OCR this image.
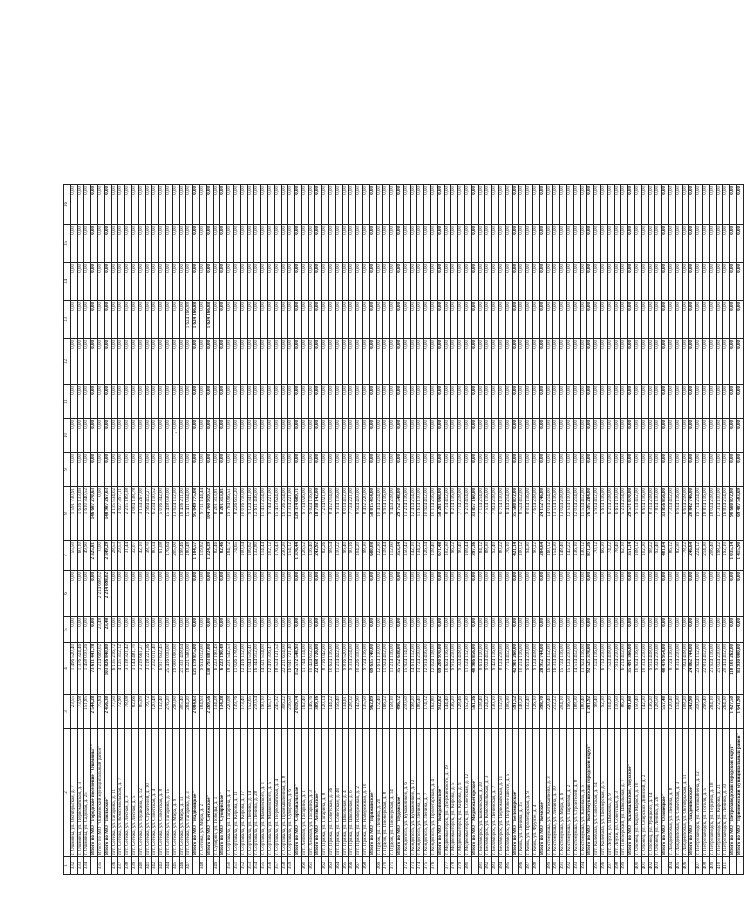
-
1	2	3	4	5	6	7	8	9	10	11	12	13	14	15	16
332	г. Ошмяны, ул. Октябрьская, д. 7	23,55	1 496 520,40	0,00	0,00	55,50	1 591 730,91	0,00	0,00	0,00	0,00	0,00	0,00	0,00	0,00
333	г. Ошмяны, ул. Первомайская, д. 3	73,98	1 376 324,46	0,00	0,00	60,10	1 616 133,69	0,00	0,00	0,00	0,00	0,00	0,00	0,00	0,00
334	г. Ошмяны, ул. Садовая, д. 25	151,85	1 458 010,26	0,00	0,00	49,90	1 610 340,52	0,00	0,00	0,00	0,00	0,00	0,00	0,00	0,00
	Итого по МО "Городское поселение "Ошмяны""	2 544,28	73 611 441,78	0,00	0,00	2 325,81	146 687 270,63	0,00	0,00	0,00	0,00	0,00	0,00	0,00	0,00
335	Итого по МО "Ошмянский муниципальный район"	75,84	3 214 699,02	23,48	2 214 698,02	0,00	0,00	0,00	0,00	0,00	0,00	0,00	0,00	0,00	0,00
	Итого по МО "Пяльское"	2 456,30	103 826 840,80	23,48	2 214 698,02	2 349,29	148 987 267,63	0,00	0,00	0,00	0,00	0,00	0,00	0,00	0,00
336	пгт. Сегежа, ул. Гагарина, д. 11	77,50	6 135 216,72	0,00	0,00	28,53	4 135 534,02	0,00	0,00	0,00	0,00	0,00	0,00	0,00	0,00
337	пгт. Сегежа, ул. Комсомольская, д. 7	72,90	4 125 312,12	0,00	0,00	29,53	3 027 397,11	0,00	0,00	0,00	0,00	0,00	0,00	0,00	0,00
338	пгт. Сегежа, ул. Лесная, д. 3	78,08	3 118 321,42	0,00	0,00	31,44	2 215 189,38	0,00	0,00	0,00	0,00	0,00	0,00	0,00	0,00
339	пгт. Сегежа, ул. Лесная, д. 5	82,66	3 144 481,70	0,00	0,00	32,07	3 004 138,78	0,00	0,00	0,00	0,00	0,00	0,00	0,00	0,00
340	пгт. Сегежа, ул. Пушкина, д. 12	85,09	3 219 661,27	0,00	0,00	42,10	3 134 267,00	0,00	0,00	0,00	0,00	0,00	0,00	0,00	0,00
341	пгт. Сегежа, ул. Строителей, д. 10	79,72	3 118 221,36	0,00	0,00	38,70	2 994 412,27	0,00	0,00	0,00	0,00	0,00	0,00	0,00	0,00
342	пгт. Сегежа, ул. Советская, д. 4	120,48	7 232 011,40	0,00	0,00	80,34	6 234 110,52	0,00	0,00	0,00	0,00	0,00	0,00	0,00	0,00
343	пгт. Сегежа, ул. Советская, д. 8	132,40	6 917 632,45	0,00	0,00	61,08	5 016 342,00	0,00	0,00	0,00	0,00	0,00	0,00	0,00	0,00
344	пгт. Сегежа, ул. Гагарина, д. 15	276,20	25 416 010,00	0,00	0,00	176,64	15 418 030,00	0,00	0,00	0,00	0,00	0,00	0,00	0,00	0,00
345	пгт. Сегежа, ул. Мира, д. 9	290,00	19 000 000,00	0,00	0,00	205,00	13 024 112,00	0,00	0,00	0,00	0,00	0,00	0,00	0,00	0,00
346	пгт. Сегежа, ул. Мира, д. 11	305,40	21 331 418,64	0,00	0,00	198,46	18 436 211,00	0,00	0,00	0,00	0,00	0,00	0,00	0,00	0,00
347	пгт. Сегежа, ул. Гагарина, д. 3	284,20	18 221 560,00	0,00	0,00	180,48	15 411 034,00	0,00	0,00	0,00	0,00	1 624 166,88	0,00	0,00	0,00
	Итого по МО "Надвоицкое"	2 084,63	121 179 875,00	0,00	0,00	1 104,57	95 049 775,08	0,00	0,00	0,00	0,00	1 624 166,88	0,00	0,00	0,00
348	г. Сегежа, ул. Мира, д. 2	184,93	9 614 012,00	0,00	0,00	119,82	9 711 144,44	0,00	0,00	0,00	0,00	0,00	0,00	0,00	0,00
	Итого по МО "Сегежское"	2 269,56	130 793 887,00	0,00	0,00	1 224,39	104 760 919,52	0,00	0,00	0,00	0,00	1 624 166,88	0,00	0,00	0,00
349	г. Суоярви, ул. Победы, д. 1	134,28	6 223 190,49	0,00	0,00	82,46	8 201 313,81	0,00	0,00	0,00	0,00	0,00	0,00	0,00	0,00
	Итого по МО "Суоярвское"	134,28	6 223 190,49	0,00	0,00	82,46	8 201 313,81	0,00	0,00	0,00	0,00	0,00	0,00	0,00	0,00
350	г. Сортавала, ул. Гагарина, д. 3	220,08	18 231 542,53	0,00	0,00	184,72	19 784 096,51	0,00	0,00	0,00	0,00	0,00	0,00	0,00	0,00
351	г. Сортавала, ул. Кирова, д. 11	139,76	11 026 178,60	0,00	0,00	74,65	8 226 612,20	0,00	0,00	0,00	0,00	0,00	0,00	0,00	0,00
352	г. Сортавала, ул. Кирова, д. 17	173,40	12 416 112,00	0,00	0,00	100,34	10 016 710,00	0,00	0,00	0,00	0,00	0,00	0,00	0,00	0,00
353	г. Сортавала, ул. Ленина, д. 14	152,65	11 044 516,41	0,00	0,00	106,62	9 124 341,00	0,00	0,00	0,00	0,00	0,00	0,00	0,00	0,00
354	г. Сортавала, ул. Ленина, д. 28	210,54	16 344 912,00	0,00	0,00	132,80	12 611 436,00	0,00	0,00	0,00	0,00	0,00	0,00	0,00	0,00
355	г. Сортавала, ул. Маяковского, д. 1	190,10	14 321 514,00	0,00	0,00	114,44	11 413 214,00	0,00	0,00	0,00	0,00	0,00	0,00	0,00	0,00
356	г. Сортавала, ул. Маяковского, д. 5	165,17	12 410 316,47	0,00	0,00	102,12	9 744 221,00	0,00	0,00	0,00	0,00	0,00	0,00	0,00	0,00
357	г. Сортавала, ул. Первомайская, д. 4	245,32	18 524 121,52	0,00	0,00	176,43	15 413 624,00	0,00	0,00	0,00	0,00	0,00	0,00	0,00	0,00
358	г. Сортавала, ул. Промышленная, д. 8	306,22	22 211 614,00	0,00	0,00	230,20	19 726 214,00	0,00	0,00	0,00	0,00	0,00	0,00	0,00	0,00
359	г. Сортавала, ул. Суворова, д. 6	216,50	16 041 721,40	0,00	0,00	154,12	13 314 221,00	0,00	0,00	0,00	0,00	0,00	0,00	0,00	0,00
	Итого по МО "Сортавальское"	2 019,74	152 572 548,93	0,00	0,00	1 376,44	129 374 689,71	0,00	0,00	0,00	0,00	0,00	0,00	0,00	0,00
360	пгт. Хелюля, ул. Гагарина, д. 1	162,40	11 744 114,00	0,00	0,00	126,52	9 714 026,00	0,00	0,00	0,00	0,00	0,00	0,00	0,00	0,00
361	пгт. Хелюля, ул. Гагарина, д. 3	146,76	10 424 612,00	0,00	0,00	116,40	9 024 116,00	0,00	0,00	0,00	0,00	0,00	0,00	0,00	0,00
	Итого по МО "Хелюльское"	309,16	22 168 726,00	0,00	0,00	242,92	18 738 142,00	0,00	0,00	0,00	0,00	0,00	0,00	0,00	0,00
362	пгт. Пряжа, ул. Гагарина, д. 8	120,14	8 716 042,00	0,00	0,00	82,26	7 214 021,00	0,00	0,00	0,00	0,00	0,00	0,00	0,00	0,00
363	пгт. Пряжа, ул. Советская, д. 36	144,22	10 624 116,00	0,00	0,00	98,54	8 412 014,00	0,00	0,00	0,00	0,00	0,00	0,00	0,00	0,00
364	пгт. Пряжа, ул. Советская, д. 40	156,40	11 214 422,00	0,00	0,00	110,22	9 314 116,00	0,00	0,00	0,00	0,00	0,00	0,00	0,00	0,00
365	пгт. Пряжа, ул. Школьная, д. 4	134,61	9 816 520,00	0,00	0,00	96,40	8 014 412,00	0,00	0,00	0,00	0,00	0,00	0,00	0,00	0,00
366	пгт. Пряжа, ул. Школьная, д. 6	128,32	9 314 214,00	0,00	0,00	90,16	7 724 221,00	0,00	0,00	0,00	0,00	0,00	0,00	0,00	0,00
367	пгт. Пряжа, ул. Набережная, д. 2	142,90	10 226 310,00	0,00	0,00	104,20	8 924 410,00	0,00	0,00	0,00	0,00	0,00	0,00	0,00	0,00
368	пгт. Пряжа, ул. Набережная, д. 10	135,50	9 724 116,00	0,00	0,00	98,30	8 412 220,00	0,00	0,00	0,00	0,00	0,00	0,00	0,00	0,00
	Итого по МО "Пряжинское"	962,09	69 635 740,00	0,00	0,00	680,08	58 015 414,00	0,00	0,00	0,00	0,00	0,00	0,00	0,00	0,00
369	г. Пудож, ул. Ленина, д. 20	172,40	12 614 110,00	0,00	0,00	122,30	10 414 214,00	0,00	0,00	0,00	0,00	0,00	0,00	0,00	0,00
370	г. Пудож, ул. Пионерская, д. 8	166,22	11 924 412,00	0,00	0,00	118,44	9 914 116,00	0,00	0,00	0,00	0,00	0,00	0,00	0,00	0,00
371	г. Пудож, ул. Пионерская, д. 14	158,10	11 214 116,00	0,00	0,00	112,60	9 424 218,00	0,00	0,00	0,00	0,00	0,00	0,00	0,00	0,00
	Итого по МО "Пудожское"	496,72	35 752 638,00	0,00	0,00	353,34	29 752 548,00	0,00	0,00	0,00	0,00	0,00	0,00	0,00	0,00
372	г. Кондопога, ул. Бумажников, д. 6	210,50	15 924 114,00	0,00	0,00	150,42	13 214 116,00	0,00	0,00	0,00	0,00	0,00	0,00	0,00	0,00
373	г. Кондопога, ул. Бумажников, д. 12	198,20	14 614 112,00	0,00	0,00	142,10	12 414 214,00	0,00	0,00	0,00	0,00	0,00	0,00	0,00	0,00
374	г. Кондопога, ул. Ленина, д. 3	186,40	13 724 210,00	0,00	0,00	134,22	11 614 110,00	0,00	0,00	0,00	0,00	0,00	0,00	0,00	0,00
375	г. Кондопога, ул. Ленина, д. 7	174,12	12 914 416,00	0,00	0,00	126,34	10 924 412,00	0,00	0,00	0,00	0,00	0,00	0,00	0,00	0,00
376	г. Кондопога, ул. Пролетарская, д. 4	162,80	12 024 118,00	0,00	0,00	118,40	10 114 216,00	0,00	0,00	0,00	0,00	0,00	0,00	0,00	0,00
	Итого по МО "Кондопожское"	932,02	69 200 970,00	0,00	0,00	671,48	58 281 068,00	0,00	0,00	0,00	0,00	0,00	0,00	0,00	0,00
377	г. Медвежьегорск, ул. Дзержинского, д. 19	144,40	10 624 116,00	0,00	0,00	102,30	8 714 412,00	0,00	0,00	0,00	0,00	0,00	0,00	0,00	0,00
378	г. Медвежьегорск, ул. Кирова, д. 5	136,20	9 914 210,00	0,00	0,00	96,22	8 214 116,00	0,00	0,00	0,00	0,00	0,00	0,00	0,00	0,00
379	г. Медвежьегорск, ул. Кирова, д. 9	128,46	9 324 418,00	0,00	0,00	90,40	7 714 218,00	0,00	0,00	0,00	0,00	0,00	0,00	0,00	0,00
380	г. Медвежьегорск, ул. Советская, д. 12	152,30	11 124 112,00	0,00	0,00	108,44	9 214 414,00	0,00	0,00	0,00	0,00	0,00	0,00	0,00	0,00
	Итого по МО "Медвежьегорское"	561,36	40 986 856,00	0,00	0,00	397,36	33 857 160,00	0,00	0,00	0,00	0,00	0,00	0,00	0,00	0,00
381	г. Беломорск, ул. Банковская, д. 20	118,40	8 614 110,00	0,00	0,00	84,12	7 114 214,00	0,00	0,00	0,00	0,00	0,00	0,00	0,00	0,00
382	г. Беломорск, ул. Комсомольская, д. 3	124,22	9 024 412,00	0,00	0,00	88,30	7 514 116,00	0,00	0,00	0,00	0,00	0,00	0,00	0,00	0,00
383	г. Беломорск, ул. Ленинская, д. 7	130,10	9 424 116,00	0,00	0,00	92,40	7 824 218,00	0,00	0,00	0,00	0,00	0,00	0,00	0,00	0,00
384	г. Беломорск, ул. Первомайская, д. 11	112,50	8 124 210,00	0,00	0,00	80,22	6 714 110,00	0,00	0,00	0,00	0,00	0,00	0,00	0,00	0,00
385	г. Беломорск, ул. Портовое шоссе, д. 5	106,30	7 714 412,00	0,00	0,00	76,10	6 414 214,00	0,00	0,00	0,00	0,00	0,00	0,00	0,00	0,00
	Итого по МО "Беломорское"	591,52	42 901 260,00	0,00	0,00	421,14	35 580 872,00	0,00	0,00	0,00	0,00	0,00	0,00	0,00	0,00
386	г. Кемь, ул. Ленина, д. 15	140,20	10 214 116,00	0,00	0,00	100,12	8 524 412,00	0,00	0,00	0,00	0,00	0,00	0,00	0,00	0,00
387	г. Кемь, ул. Пролетарская, д. 9	132,40	9 614 210,00	0,00	0,00	94,30	8 014 116,00	0,00	0,00	0,00	0,00	0,00	0,00	0,00	0,00
388	г. Кемь, ул. Фрунзе, д. 4	126,10	9 124 418,00	0,00	0,00	90,22	7 614 218,00	0,00	0,00	0,00	0,00	0,00	0,00	0,00	0,00
	Итого по МО "Кемское"	398,70	28 952 744,00	0,00	0,00	284,64	24 152 746,00	0,00	0,00	0,00	0,00	0,00	0,00	0,00	0,00
389	г. Костомукша, ул. Антикайнена, д. 3	220,40	16 924 112,00	0,00	0,00	160,12	14 014 214,00	0,00	0,00	0,00	0,00	0,00	0,00	0,00	0,00
390	г. Костомукша, ул. Ленина, д. 10	212,22	16 314 412,00	0,00	0,00	154,30	13 514 116,00	0,00	0,00	0,00	0,00	0,00	0,00	0,00	0,00
391	г. Костомукша, ул. Мира, д. 6	204,10	15 724 116,00	0,00	0,00	148,40	13 024 218,00	0,00	0,00	0,00	0,00	0,00	0,00	0,00	0,00
392	г. Костомукша, ул. Парковая, д. 2	196,50	15 124 210,00	0,00	0,00	142,22	12 514 110,00	0,00	0,00	0,00	0,00	0,00	0,00	0,00	0,00
393	г. Костомукша, ул. Строителей, д. 8	188,30	14 514 412,00	0,00	0,00	136,10	12 014 214,00	0,00	0,00	0,00	0,00	0,00	0,00	0,00	0,00
394	г. Костомукша, ул. Калевала, д. 5	180,40	13 924 116,00	0,00	0,00	130,12	11 514 412,00	0,00	0,00	0,00	0,00	0,00	0,00	0,00	0,00
	Итого по МО "Костомукшский городской округ"	1 201,92	92 525 378,00	0,00	0,00	871,26	76 595 284,00	0,00	0,00	0,00	0,00	0,00	0,00	0,00	0,00
395	пгт. Калевала, ул. Советская, д. 14	98,40	7 124 116,00	0,00	0,00	70,12	5 914 412,00	0,00	0,00	0,00	0,00	0,00	0,00	0,00	0,00
396	пгт. Калевала, ул. Пионерская, д. 5	92,30	6 714 210,00	0,00	0,00	66,30	5 614 116,00	0,00	0,00	0,00	0,00	0,00	0,00	0,00	0,00
397	пгт. Лоухи, ул. Шмакова, д. 9	104,20	7 524 418,00	0,00	0,00	74,22	6 214 218,00	0,00	0,00	0,00	0,00	0,00	0,00	0,00	0,00
398	пгт. Лоухи, ул. Советская, д. 3	110,50	7 914 210,00	0,00	0,00	78,40	6 614 110,00	0,00	0,00	0,00	0,00	0,00	0,00	0,00	0,00
399	пгт. Пяозерский, ул. Школьная, д. 7	86,20	6 214 412,00	0,00	0,00	62,10	5 214 214,00	0,00	0,00	0,00	0,00	0,00	0,00	0,00	0,00
	Итого по МО "Калевальское, Лоухское"	491,60	35 491 366,00	0,00	0,00	351,14	29 571 070,00	0,00	0,00	0,00	0,00	0,00	0,00	0,00	0,00
400	г. Олонец, ул. Карла Маркса, д. 10	150,40	10 924 116,00	0,00	0,00	108,12	9 114 412,00	0,00	0,00	0,00	0,00	0,00	0,00	0,00	0,00
401	г. Олонец, ул. Свирских Дивизий, д. 2	142,30	10 314 210,00	0,00	0,00	102,30	8 614 116,00	0,00	0,00	0,00	0,00	0,00	0,00	0,00	0,00
402	г. Олонец, ул. Урицкого, д. 14	136,20	9 914 418,00	0,00	0,00	98,22	8 314 218,00	0,00	0,00	0,00	0,00	0,00	0,00	0,00	0,00
403	г. Олонец, ул. Ленина, д. 26	128,50	9 324 210,00	0,00	0,00	92,40	7 814 110,00	0,00	0,00	0,00	0,00	0,00	0,00	0,00	0,00
	Итого по МО "Олонецкое"	557,40	40 476 954,00	0,00	0,00	401,04	33 856 856,00	0,00	0,00	0,00	0,00	0,00	0,00	0,00	0,00
404	г. Лахденпохья, ул. Ленина, д. 8	120,40	8 724 116,00	0,00	0,00	86,12	7 314 412,00	0,00	0,00	0,00	0,00	0,00	0,00	0,00	0,00
405	г. Лахденпохья, ул. Советская, д. 3	114,30	8 314 210,00	0,00	0,00	82,30	6 914 116,00	0,00	0,00	0,00	0,00	0,00	0,00	0,00	0,00
406	г. Лахденпохья, ул. Октябрьская, д. 11	108,20	7 824 418,00	0,00	0,00	78,22	6 614 218,00	0,00	0,00	0,00	0,00	0,00	0,00	0,00	0,00
	Итого по МО "Лахденпохское"	342,90	24 862 744,00	0,00	0,00	246,64	20 842 746,00	0,00	0,00	0,00	0,00	0,00	0,00	0,00	0,00
407	г. Петрозаводск, ул. Антикайнена, д. 12	310,20	23 924 112,00	0,00	0,00	224,12	19 714 214,00	0,00	0,00	0,00	0,00	0,00	0,00	0,00	0,00
408	г. Петрозаводск, ул. Гоголя, д. 5	296,40	22 814 412,00	0,00	0,00	214,30	18 814 116,00	0,00	0,00	0,00	0,00	0,00	0,00	0,00	0,00
409	г. Петрозаводск, ул. Герцена, д. 18	284,10	21 924 116,00	0,00	0,00	206,40	18 024 218,00	0,00	0,00	0,00	0,00	0,00	0,00	0,00	0,00
410	г. Петрозаводск, ул. Кирова, д. 21	272,50	21 024 210,00	0,00	0,00	198,22	17 314 110,00	0,00	0,00	0,00	0,00	0,00	0,00	0,00	0,00
411	г. Петрозаводск, ул. Ленина, д. 33	264,30	20 414 412,00	0,00	0,00	192,10	16 814 214,00	0,00	0,00	0,00	0,00	0,00	0,00	0,00	0,00
	Итого по МО "Петрозаводский городской округ"	1 427,50	110 101 262,00	0,00	0,00	1 035,14	90 680 872,00	0,00	0,00	0,00	0,00	0,00	0,00	0,00	0,00
	Итого по МО "Прионежский муниципальный район"	1 641,90	83 930 000,00	0,00	0,00	1 415,90	69 487 503,69	0,00	0,00	0,00	0,00	0,00	0,00	0,00	0,00
